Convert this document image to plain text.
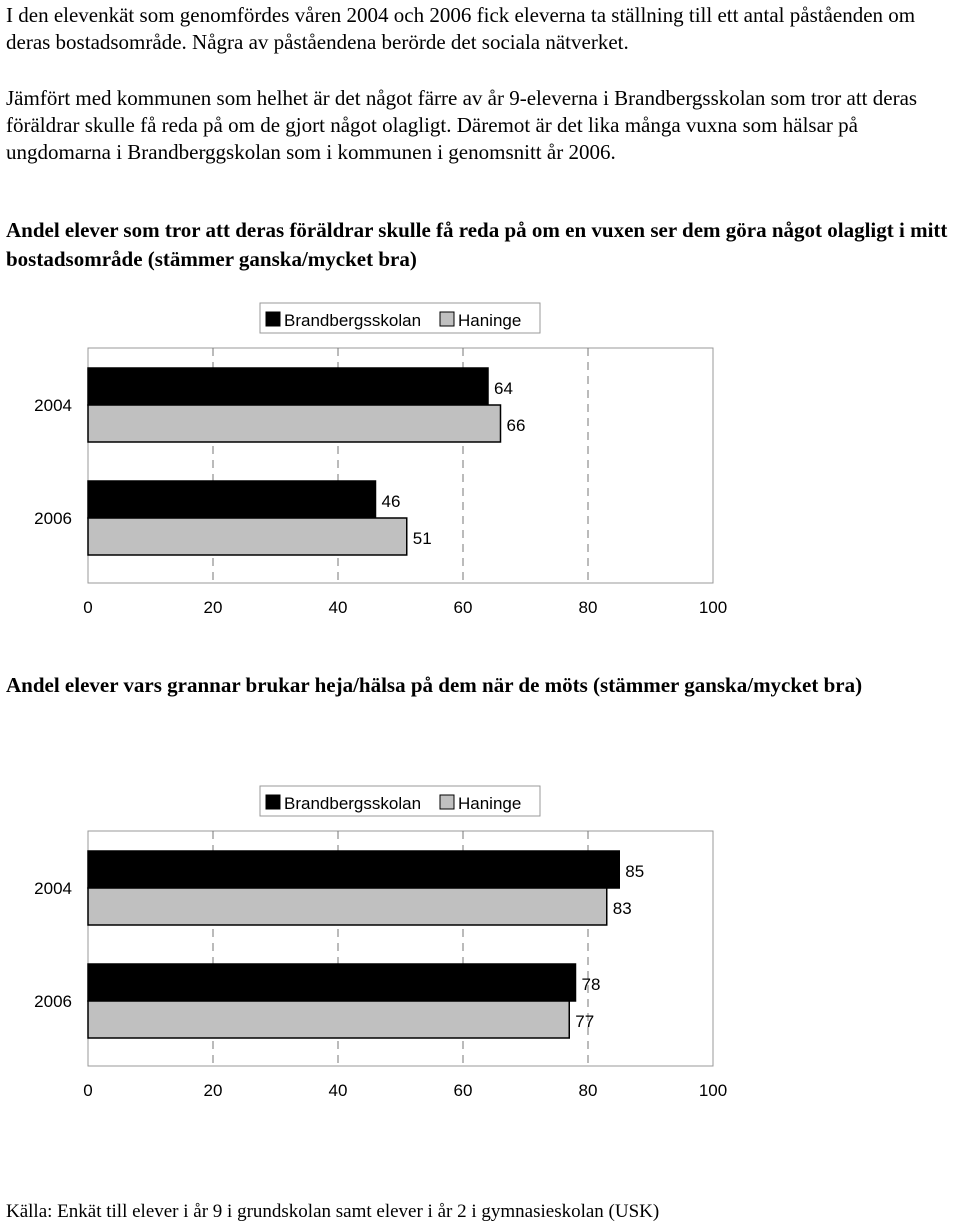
I den elevenkät som genomfördes våren 2004 och 2006 fick eleverna ta ställning till ett antal påståenden om deras bostadsområde. Några av påståendena berörde det sociala nätverket.

Jämfört med kommunen som helhet är det något färre av år 9-eleverna i Brandbergsskolan som tror att deras föräldrar skulle få reda på om de gjort något olagligt. Däremot är det lika många vuxna som hälsar på ungdomarna i Brandberggskolan som i kommunen i genomsnitt år 2006.

Andel elever som tror att deras föräldrar skulle få reda på om en vuxen ser dem göra något olagligt i mitt bostadsområde (stämmer ganska/mycket bra)
Brandbergsskolan Haninge
0	20	40	60	80	100
2004
64
66
2006
46
51
Andel elever vars grannar brukar heja/hälsa på dem när de möts (stämmer ganska/mycket bra)
Brandbergsskolan Haninge
0	20	40	60	80	100
2004
85
83
2006
78
77

Källa: Enkät till elever i år 9 i grundskolan samt elever i år 2 i gymnasieskolan (USK)
